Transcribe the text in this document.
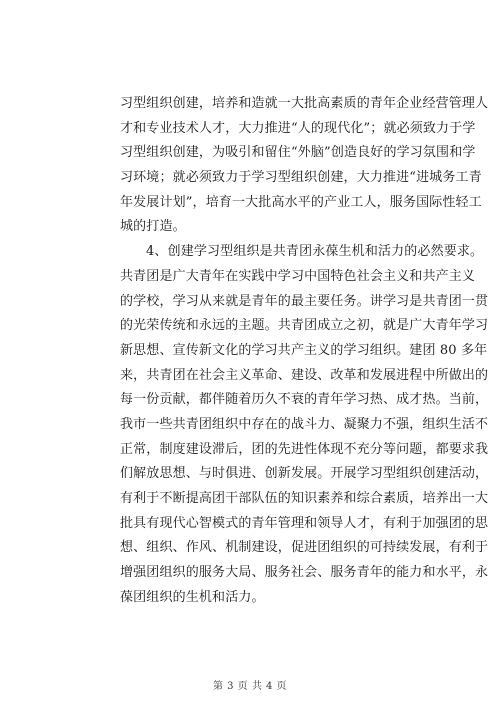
习型组织创建，培养和造就一大批高素质的青年企业经营管理人
才和专业技术人才，大力推进“人的现代化”；就必须致力于学
习型组织创建，为吸引和留住“外脑”创造良好的学习氛围和学
习环境；就必须致力于学习型组织创建，大力推进“进城务工青
年发展计划”，培育一大批高水平的产业工人，服务国际性轻工
城的打造。
4、创建学习型组织是共青团永葆生机和活力的必然要求。
共青团是广大青年在实践中学习中国特色社会主义和共产主义
的学校，学习从来就是青年的最主要任务。讲学习是共青团一贯
的光荣传统和永远的主题。共青团成立之初，就是广大青年学习
新思想、宣传新文化的学习共产主义的学习组织。建团 80 多年
来，共青团在社会主义革命、建设、改革和发展进程中所做出的
每一份贡献，都伴随着历久不衰的青年学习热、成才热。当前，
我市一些共青团组织中存在的战斗力、凝聚力不强，组织生活不
正常，制度建设滞后，团的先进性体现不充分等问题，都要求我
们解放思想、与时俱进、创新发展。开展学习型组织创建活动，
有利于不断提高团干部队伍的知识素养和综合素质，培养出一大
批具有现代心智模式的青年管理和领导人才，有利于加强团的思
想、组织、作风、机制建设，促进团组织的可持续发展，有利于
增强团组织的服务大局、服务社会、服务青年的能力和水平，永
葆团组织的生机和活力。
第 3 页 共 4 页
